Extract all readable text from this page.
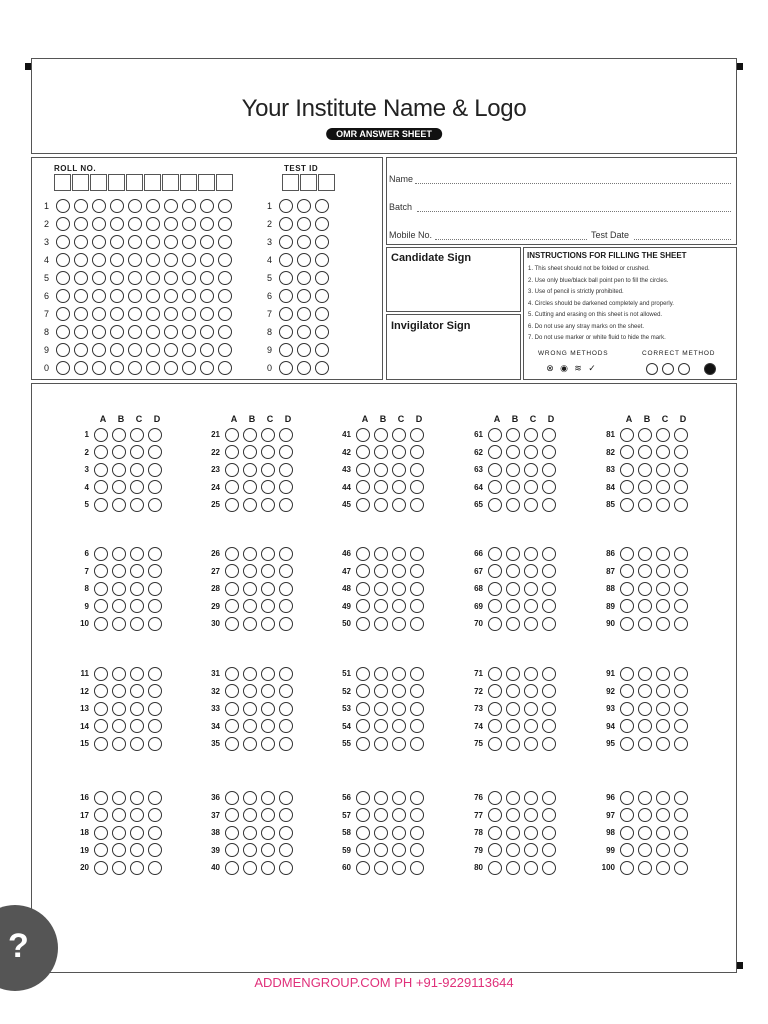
Your Institute Name & Logo
OMR ANSWER SHEET
ROLL NO.	TEST ID
1
2
3
4
5
6
7
8
9
0
1
2
3
4
5
6
7
8
9
0
Name
Batch
Mobile No.	Test Date
Candidate Sign
Invigilator Sign
INSTRUCTIONS FOR FILLING THE SHEET
1. This sheet should not be folded or crushed.
2. Use only blue/black ball point pen to fill the circles.
3. Use of pencil is strictly prohibited.
4. Circles should be darkened completely and properly.
5. Cutting and erasing on this sheet is not allowed.
6. Do not use any stray marks on the sheet.
7. Do not use marker or white fluid to hide the mark.
WRONG METHODS	CORRECT METHOD
⊗ ◉ ≋ ✓
A	B	C	D
1
2
3
4
5
6
7
8
9
10
11
12
13
14
15
16
17
18
19
20
A	B	C	D
21
22
23
24
25
26
27
28
29
30
31
32
33
34
35
36
37
38
39
40
A	B	C	D
41
42
43
44
45
46
47
48
49
50
51
52
53
54
55
56
57
58
59
60
A	B	C	D
61
62
63
64
65
66
67
68
69
70
71
72
73
74
75
76
77
78
79
80
A	B	C	D
81
82
83
84
85
86
87
88
89
90
91
92
93
94
95
96
97
98
99
100
ADDMENGROUP.COM PH +91-9229113644
?
